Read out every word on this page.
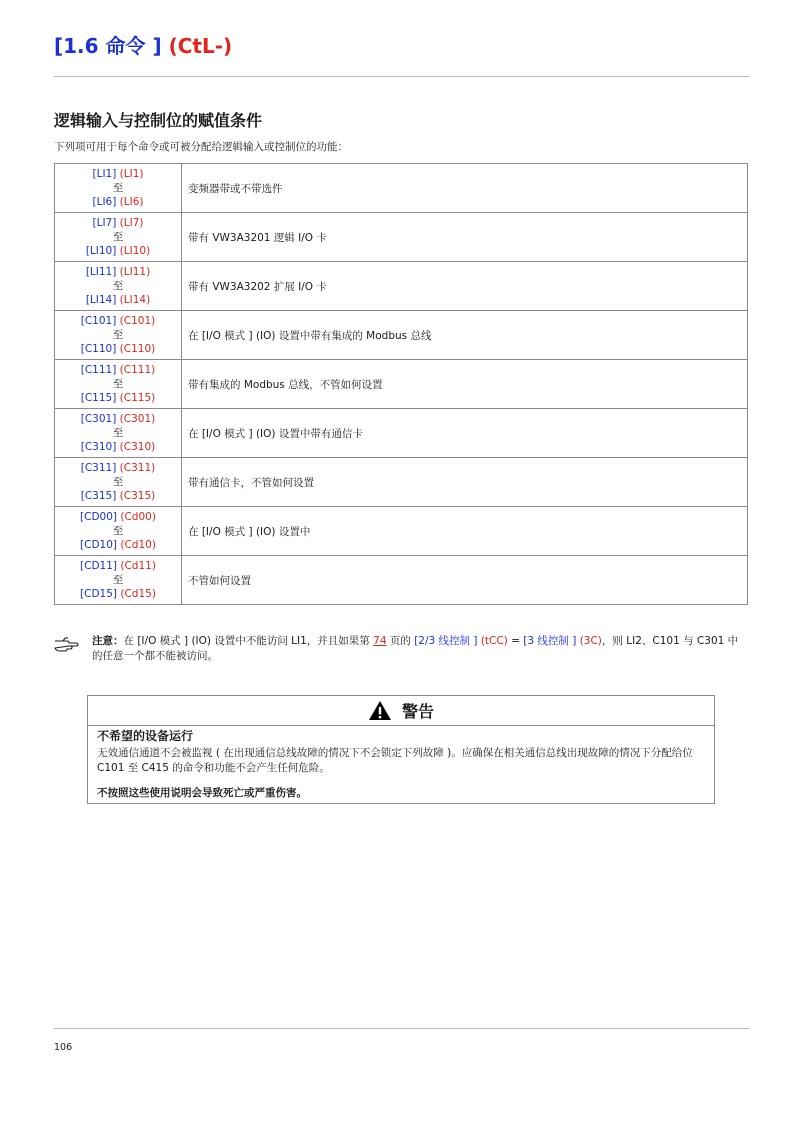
[1.6 命令 ] (CtL-)
逻辑输入与控制位的赋值条件
下列项可用于每个命令或可被分配给逻辑输入或控制位的功能：
[LI1] (LI1)
至
[LI6] (LI6)	变频器带或不带选件

[LI7] (LI7)
至
[LI10] (LI10)	带有 VW3A3201 逻辑 I/O 卡

[LI11] (LI11)
至
[LI14] (LI14)	带有 VW3A3202 扩展 I/O 卡

[C101] (C101)
至
[C110] (C110)	在 [I/O 模式 ] (IO) 设置中带有集成的 Modbus 总线

[C111] (C111)
至
[C115] (C115)	带有集成的 Modbus 总线，不管如何设置

[C301] (C301)
至
[C310] (C310)	在 [I/O 模式 ] (IO) 设置中带有通信卡

[C311] (C311)
至
[C315] (C315)	带有通信卡，不管如何设置

[CD00] (Cd00)
至
[CD10] (Cd10)	在 [I/O 模式 ] (IO) 设置中

[CD11] (Cd11)
至
[CD15] (Cd15)	不管如何设置
注意：在 [I/O 模式 ] (IO) 设置中不能访问 LI1，并且如果第 74 页的 [2/3 线控制 ] (tCC) = [3 线控制 ] (3C)，则 LI2、C101 与 C301 中的任意一个都不能被访问。
警告
不希望的设备运行
无效通信通道不会被监视 ( 在出现通信总线故障的情况下不会锁定下列故障 )。应确保在相关通信总线出现故障的情况下分配给位 C101 至 C415 的命令和功能不会产生任何危险。
不按照这些使用说明会导致死亡或严重伤害。
106
